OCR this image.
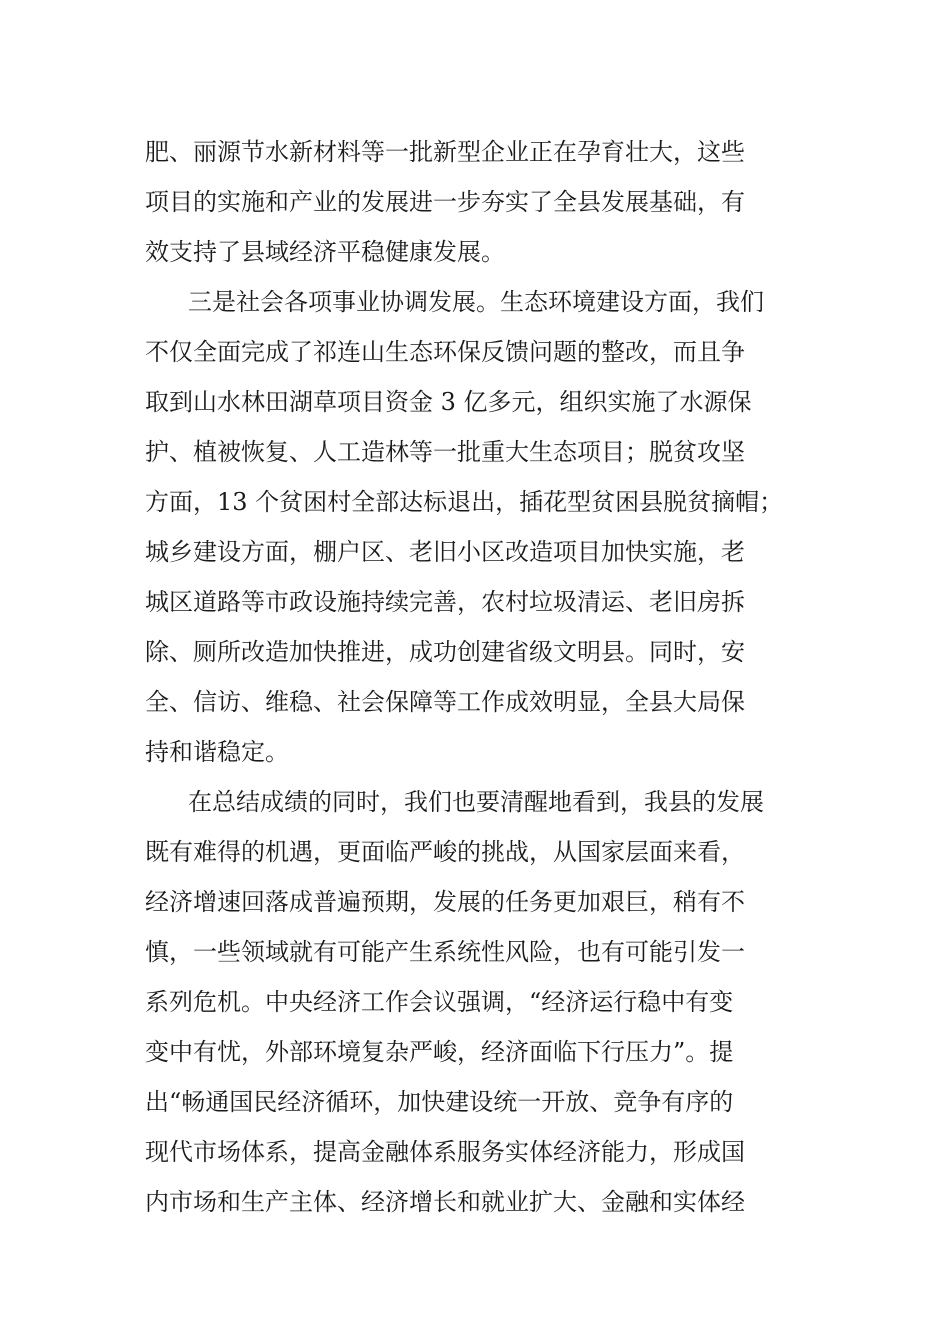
肥、丽源节水新材料等一批新型企业正在孕育壮大，这些

项目的实施和产业的发展进一步夯实了全县发展基础，有

效支持了县域经济平稳健康发展。

三是社会各项事业协调发展。生态环境建设方面，我们

不仅全面完成了祁连山生态环保反馈问题的整改，而且争

取到山水林田湖草项目资金 3 亿多元，组织实施了水源保

护、植被恢复、人工造林等一批重大生态项目；脱贫攻坚

方面，13 个贫困村全部达标退出，插花型贫困县脱贫摘帽；

城乡建设方面，棚户区、老旧小区改造项目加快实施，老

城区道路等市政设施持续完善，农村垃圾清运、老旧房拆

除、厕所改造加快推进，成功创建省级文明县。同时，安

全、信访、维稳、社会保障等工作成效明显，全县大局保

持和谐稳定。

在总结成绩的同时，我们也要清醒地看到，我县的发展

既有难得的机遇，更面临严峻的挑战，从国家层面来看，

经济增速回落成普遍预期，发展的任务更加艰巨，稍有不

慎，一些领域就有可能产生系统性风险，也有可能引发一

系列危机。中央经济工作会议强调，“经济运行稳中有变

变中有忧，外部环境复杂严峻，经济面临下行压力”。提

出“畅通国民经济循环，加快建设统一开放、竞争有序的

现代市场体系，提高金融体系服务实体经济能力，形成国

内市场和生产主体、经济增长和就业扩大、金融和实体经
